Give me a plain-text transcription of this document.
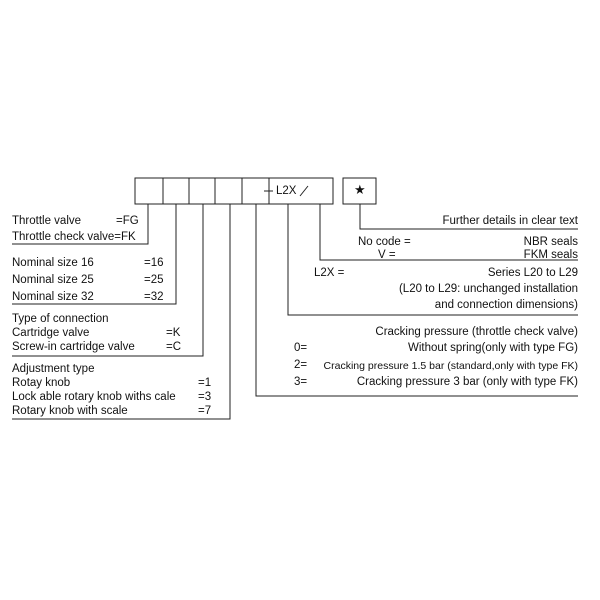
L2X	★
Throttle valve	=FG
Throttle check valve=FK
Nominal size 16	=16
Nominal size 25	=25
Nominal size 32	=32
Type of connection
Cartridge valve	=K
Screw-in cartridge valve	=C
Adjustment type
Rotay knob	=1
Lock able rotary knob withs cale =3
Rotary knob with scale	=7
Further details in clear text
No code =	NBR seals
V =	FKM seals
L2X =	Series L20 to L29
(L20 to L29: unchanged installation
and connection dimensions)
Cracking pressure (throttle check valve)
0=	Without spring(only with type FG)
2= Cracking pressure 1.5 bar (standard,only with type FK)
3=	Cracking pressure 3 bar (only with type FK)
